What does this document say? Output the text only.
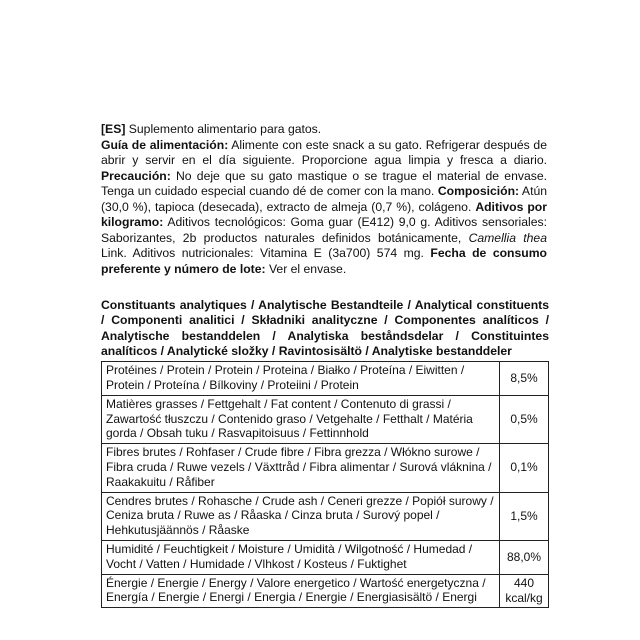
[ES] Suplemento alimentario para gatos.
Guía de alimentación: Alimente con este snack a su gato. Refrigerar después de abrir y servir en el día siguiente. Proporcione agua limpia y fresca a diario. Precaución: No deje que su gato mastique o se trague el material de envase. Tenga un cuidado especial cuando dé de comer con la mano. Composición: Atún (30,0 %), tapioca (desecada), extracto de almeja (0,7 %), colágeno. Aditivos por kilogramo: Aditivos tecnológicos: Goma guar (E412) 9,0 g. Aditivos sensoriales: Saborizantes, 2b productos naturales definidos botánicamente, Camellia thea Link. Aditivos nutricionales: Vitamina E (3a700) 574 mg. Fecha de consumo preferente y número de lote: Ver el envase.
Constituants analytiques / Analytische Bestandteile / Analytical constituents / Componenti analitici / Składniki analityczne / Componentes analíticos / Analytische bestanddelen / Analytiska beståndsdelar / Constituintes analíticos / Analytické složky / Ravintosisältö / Analytiske bestanddeler
Protéines / Protein / Protein / Proteina / Białko / Proteína / Eiwitten / Protein / Proteína / Bílkoviny / Proteiini / Protein	8,5%
Matières grasses / Fettgehalt / Fat content / Contenuto di grassi / Zawartość tłuszczu / Contenido graso / Vetgehalte / Fetthalt / Matéria gorda / Obsah tuku / Rasvapitoisuus / Fettinnhold	0,5%
Fibres brutes / Rohfaser / Crude fibre / Fibra grezza / Włókno surowe / Fibra cruda / Ruwe vezels / Växttråd / Fibra alimentar / Surová vláknina / Raakakuitu / Råfiber	0,1%
Cendres brutes / Rohasche / Crude ash / Ceneri grezze / Popiół surowy / Ceniza bruta / Ruwe as / Råaska / Cinza bruta / Surový popel / Hehkutusjäännös / Råaske	1,5%
Humidité / Feuchtigkeit / Moisture / Umidità / Wilgotność / Humedad / Vocht / Vatten / Humidade / Vlhkost / Kosteus / Fuktighet	88,0%
Énergie / Energie / Energy / Valore energetico / Wartość energetyczna / Energía / Energie / Energi / Energia / Energie / Energiasisältö / Energi	440 kcal/kg
